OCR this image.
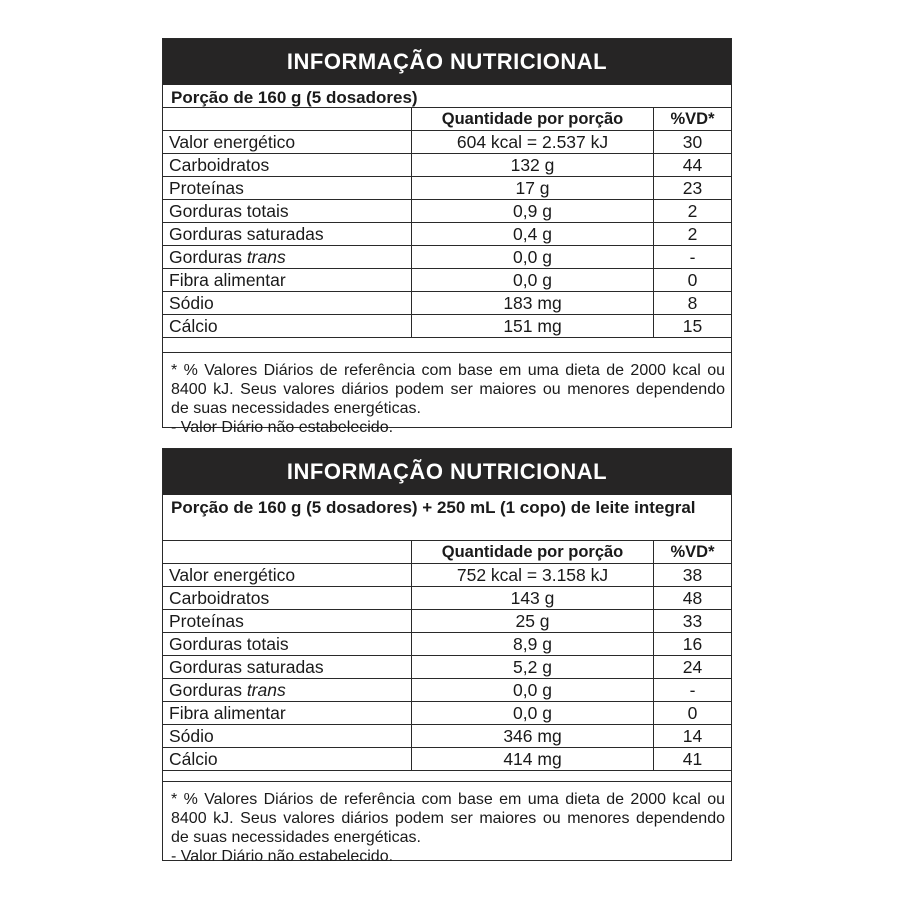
INFORMAÇÃO NUTRICIONAL
Porção de 160 g (5 dosadores)
	Quantidade por porção	%VD*
Valor energético	604 kcal = 2.537 kJ	30
Carboidratos	132 g	44
Proteínas	17 g	23
Gorduras totais	0,9 g	2
Gorduras saturadas	0,4 g	2
Gorduras trans	0,0 g	-
Fibra alimentar	0,0 g	0
Sódio	183 mg	8
Cálcio	151 mg	15
* % Valores Diários de referência com base em uma dieta de 2000 kcal ou 8400 kJ. Seus valores diários podem ser maiores ou menores dependendo de suas necessidades energéticas.
- Valor Diário não estabelecido.
INFORMAÇÃO NUTRICIONAL
Porção de 160 g (5 dosadores) + 250 mL (1 copo) de leite integral
	Quantidade por porção	%VD*
Valor energético	752 kcal = 3.158 kJ	38
Carboidratos	143 g	48
Proteínas	25 g	33
Gorduras totais	8,9 g	16
Gorduras saturadas	5,2 g	24
Gorduras trans	0,0 g	-
Fibra alimentar	0,0 g	0
Sódio	346 mg	14
Cálcio	414 mg	41
* % Valores Diários de referência com base em uma dieta de 2000 kcal ou 8400 kJ. Seus valores diários podem ser maiores ou menores dependendo de suas necessidades energéticas.
- Valor Diário não estabelecido.
